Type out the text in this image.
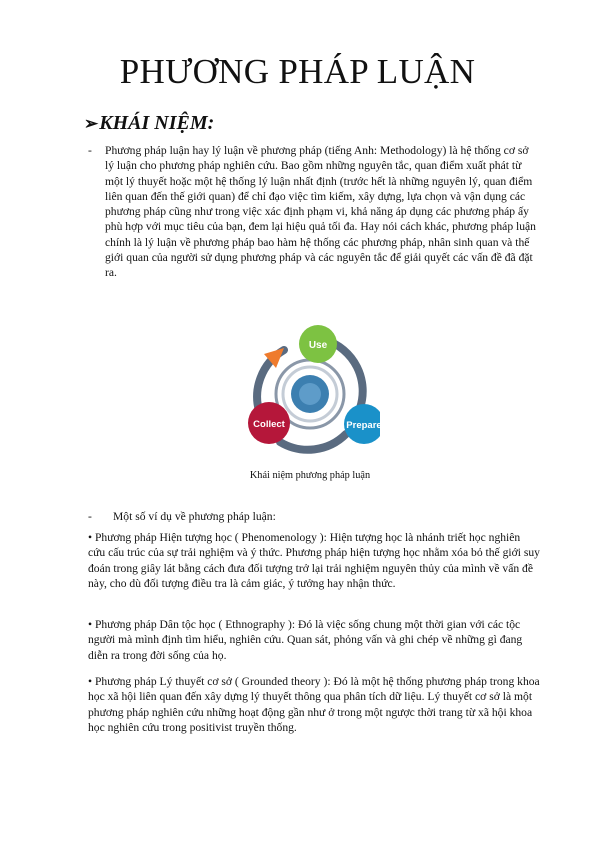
PHƯƠNG PHÁP LUẬN
➢KHÁI NIỆM:
- Phương pháp luận hay lý luận về phương pháp (tiếng Anh: Methodology) là hệ thống cơ sở lý luận cho phương pháp nghiên cứu. Bao gồm những nguyên tắc, quan điểm xuất phát từ một lý thuyết hoặc một hệ thống lý luận nhất định (trước hết là những nguyên lý, quan điểm liên quan đến thế giới quan) để chỉ đạo việc tìm kiếm, xây dựng, lựa chọn và vận dụng các phương pháp cũng như trong việc xác định phạm vi, khả năng áp dụng các phương pháp ấy phù hợp với mục tiêu của bạn, đem lại hiệu quả tối đa. Hay nói cách khác, phương pháp luận chính là lý luận về phương pháp bao hàm hệ thống các phương pháp, nhân sinh quan và thế giới quan của người sử dụng phương pháp và các nguyên tắc để giải quyết các vấn đề đã đặt ra.
Use
Prepare
Collect
Khái niệm phương pháp luận
- Một số ví dụ về phương pháp luận:
• Phương pháp Hiện tượng học ( Phenomenology ): Hiện tượng học là nhánh triết học nghiên cứu cấu trúc của sự trải nghiệm và ý thức. Phương pháp hiện tượng học nhằm xóa bỏ thế giới suy đoán trong giây lát bằng cách đưa đối tượng trở lại trải nghiệm nguyên thủy của mình về vấn đề này, cho dù đối tượng điều tra là cảm giác, ý tưởng hay nhận thức.
• Phương pháp Dân tộc học ( Ethnography ): Đó là việc sống chung một thời gian với các tộc người mà mình định tìm hiểu, nghiên cứu. Quan sát, phỏng vấn và ghi chép về những gì đang diễn ra trong đời sống của họ.
• Phương pháp Lý thuyết cơ sở ( Grounded theory ): Đó là một hệ thống phương pháp trong khoa học xã hội liên quan đến xây dựng lý thuyết thông qua phân tích dữ liệu. Lý thuyết cơ sở là một phương pháp nghiên cứu những hoạt động gần như ở trong một ngược thời trang từ xã hội khoa học nghiên cứu trong positivist truyền thống.
